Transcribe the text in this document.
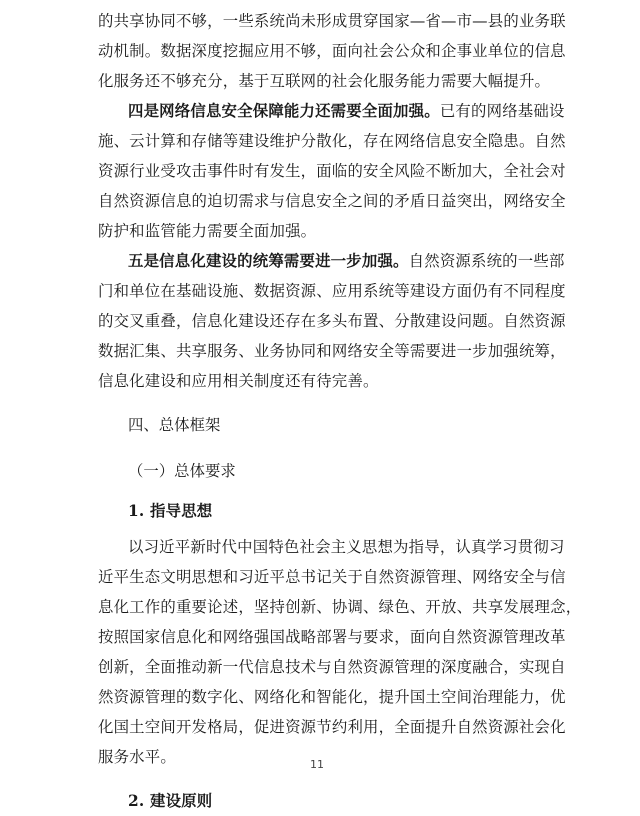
的共享协同不够，一些系统尚未形成贯穿国家—省—市—县的业务联
动机制。数据深度挖掘应用不够，面向社会公众和企事业单位的信息
化服务还不够充分，基于互联网的社会化服务能力需要大幅提升。
四是网络信息安全保障能力还需要全面加强。已有的网络基础设
施、云计算和存储等建设维护分散化，存在网络信息安全隐患。自然
资源行业受攻击事件时有发生，面临的安全风险不断加大，全社会对
自然资源信息的迫切需求与信息安全之间的矛盾日益突出，网络安全
防护和监管能力需要全面加强。
五是信息化建设的统筹需要进一步加强。自然资源系统的一些部
门和单位在基础设施、数据资源、应用系统等建设方面仍有不同程度
的交叉重叠，信息化建设还存在多头布置、分散建设问题。自然资源
数据汇集、共享服务、业务协同和网络安全等需要进一步加强统筹，
信息化建设和应用相关制度还有待完善。
四、总体框架
（一）总体要求
1. 指导思想
以习近平新时代中国特色社会主义思想为指导，认真学习贯彻习
近平生态文明思想和习近平总书记关于自然资源管理、网络安全与信
息化工作的重要论述，坚持创新、协调、绿色、开放、共享发展理念，
按照国家信息化和网络强国战略部署与要求，面向自然资源管理改革
创新，全面推动新一代信息技术与自然资源管理的深度融合，实现自
然资源管理的数字化、网络化和智能化，提升国土空间治理能力，优
化国土空间开发格局，促进资源节约利用，全面提升自然资源社会化
服务水平。
2. 建设原则
11
